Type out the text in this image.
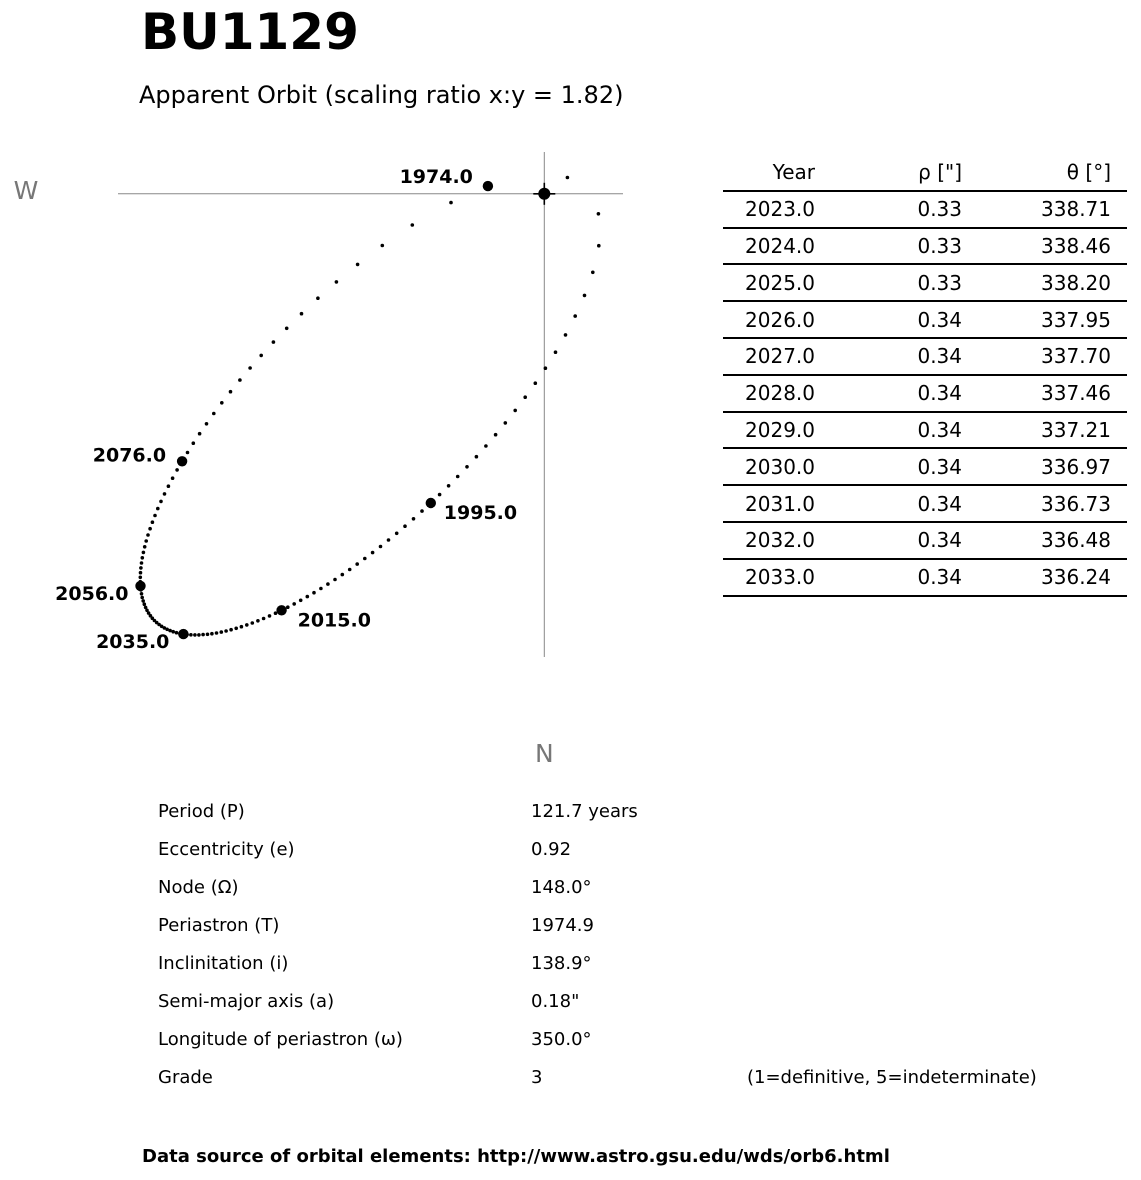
BU1129
Apparent Orbit (scaling ratio x:y = 1.82)
W
N
1974.0
1995.0
2015.0
2035.0
2056.0
2076.0
Year	ρ ["]	θ [°]
2023.0	0.33	338.71
2024.0	0.33	338.46
2025.0	0.33	338.20
2026.0	0.34	337.95
2027.0	0.34	337.70
2028.0	0.34	337.46
2029.0	0.34	337.21
2030.0	0.34	336.97
2031.0	0.34	336.73
2032.0	0.34	336.48
2033.0	0.34	336.24
Period (P)	121.7 years
Eccentricity (e)	0.92
Node (Ω)	148.0°
Periastron (T)	1974.9
Inclinitation (i)	138.9°
Semi-major axis (a)	0.18"
Longitude of periastron (ω)	350.0°
Grade	3	(1=definitive, 5=indeterminate)
Data source of orbital elements: http://www.astro.gsu.edu/wds/orb6.html
